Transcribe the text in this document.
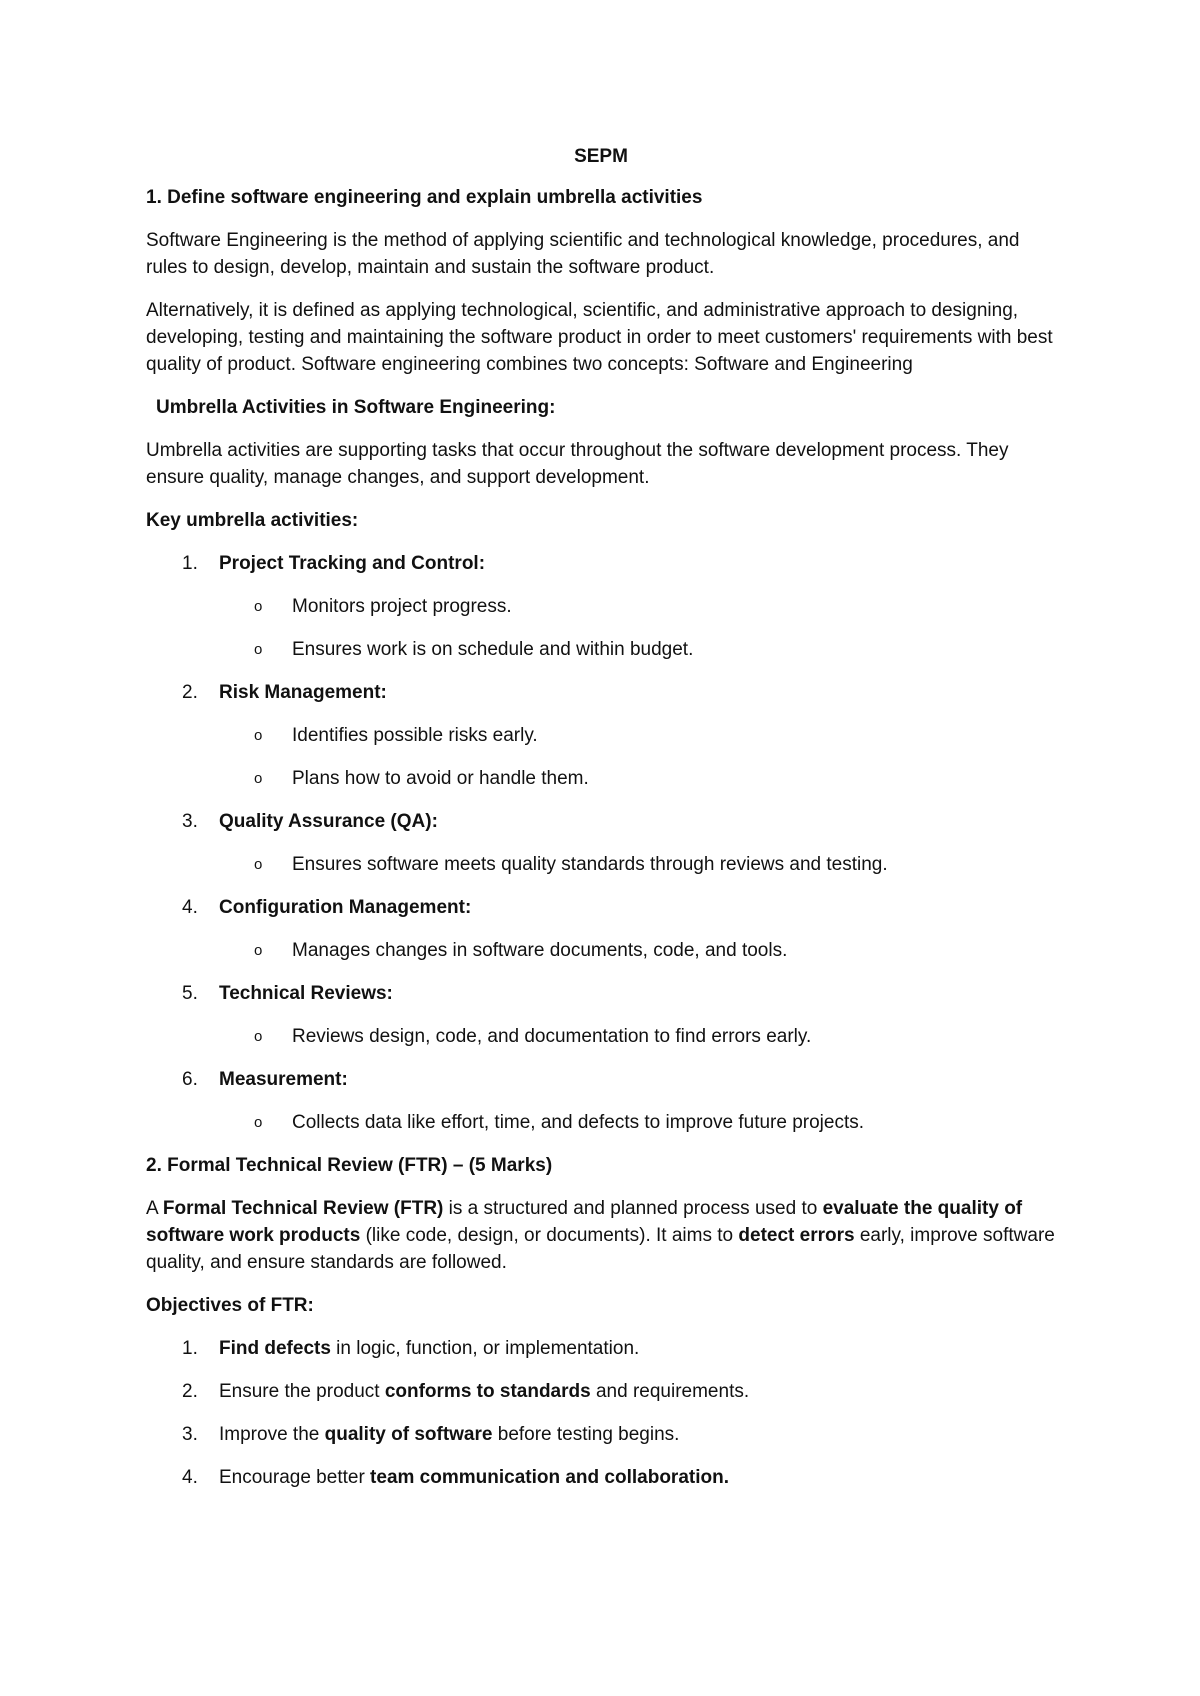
SEPM
1. Define software engineering and explain umbrella activities

Software Engineering is the method of applying scientific and technological knowledge, procedures, and rules to design, develop, maintain and sustain the software product.

Alternatively, it is defined as applying technological, scientific, and administrative approach to designing, developing, testing and maintaining the software product in order to meet customers' requirements with best quality of product. Software engineering combines two concepts: Software and Engineering

Umbrella Activities in Software Engineering:

Umbrella activities are supporting tasks that occur throughout the software development process. They ensure quality, manage changes, and support development.

Key umbrella activities:
1. Project Tracking and Control:
o Monitors project progress.
o Ensures work is on schedule and within budget.
2. Risk Management:
o Identifies possible risks early.
o Plans how to avoid or handle them.
3. Quality Assurance (QA):
o Ensures software meets quality standards through reviews and testing.
4. Configuration Management:
o Manages changes in software documents, code, and tools.
5. Technical Reviews:
o Reviews design, code, and documentation to find errors early.
6. Measurement:
o Collects data like effort, time, and defects to improve future projects.
2. Formal Technical Review (FTR) – (5 Marks)

A Formal Technical Review (FTR) is a structured and planned process used to evaluate the quality of software work products (like code, design, or documents). It aims to detect errors early, improve software quality, and ensure standards are followed.

Objectives of FTR:
1. Find defects in logic, function, or implementation.
2. Ensure the product conforms to standards and requirements.
3. Improve the quality of software before testing begins.
4. Encourage better team communication and collaboration.
